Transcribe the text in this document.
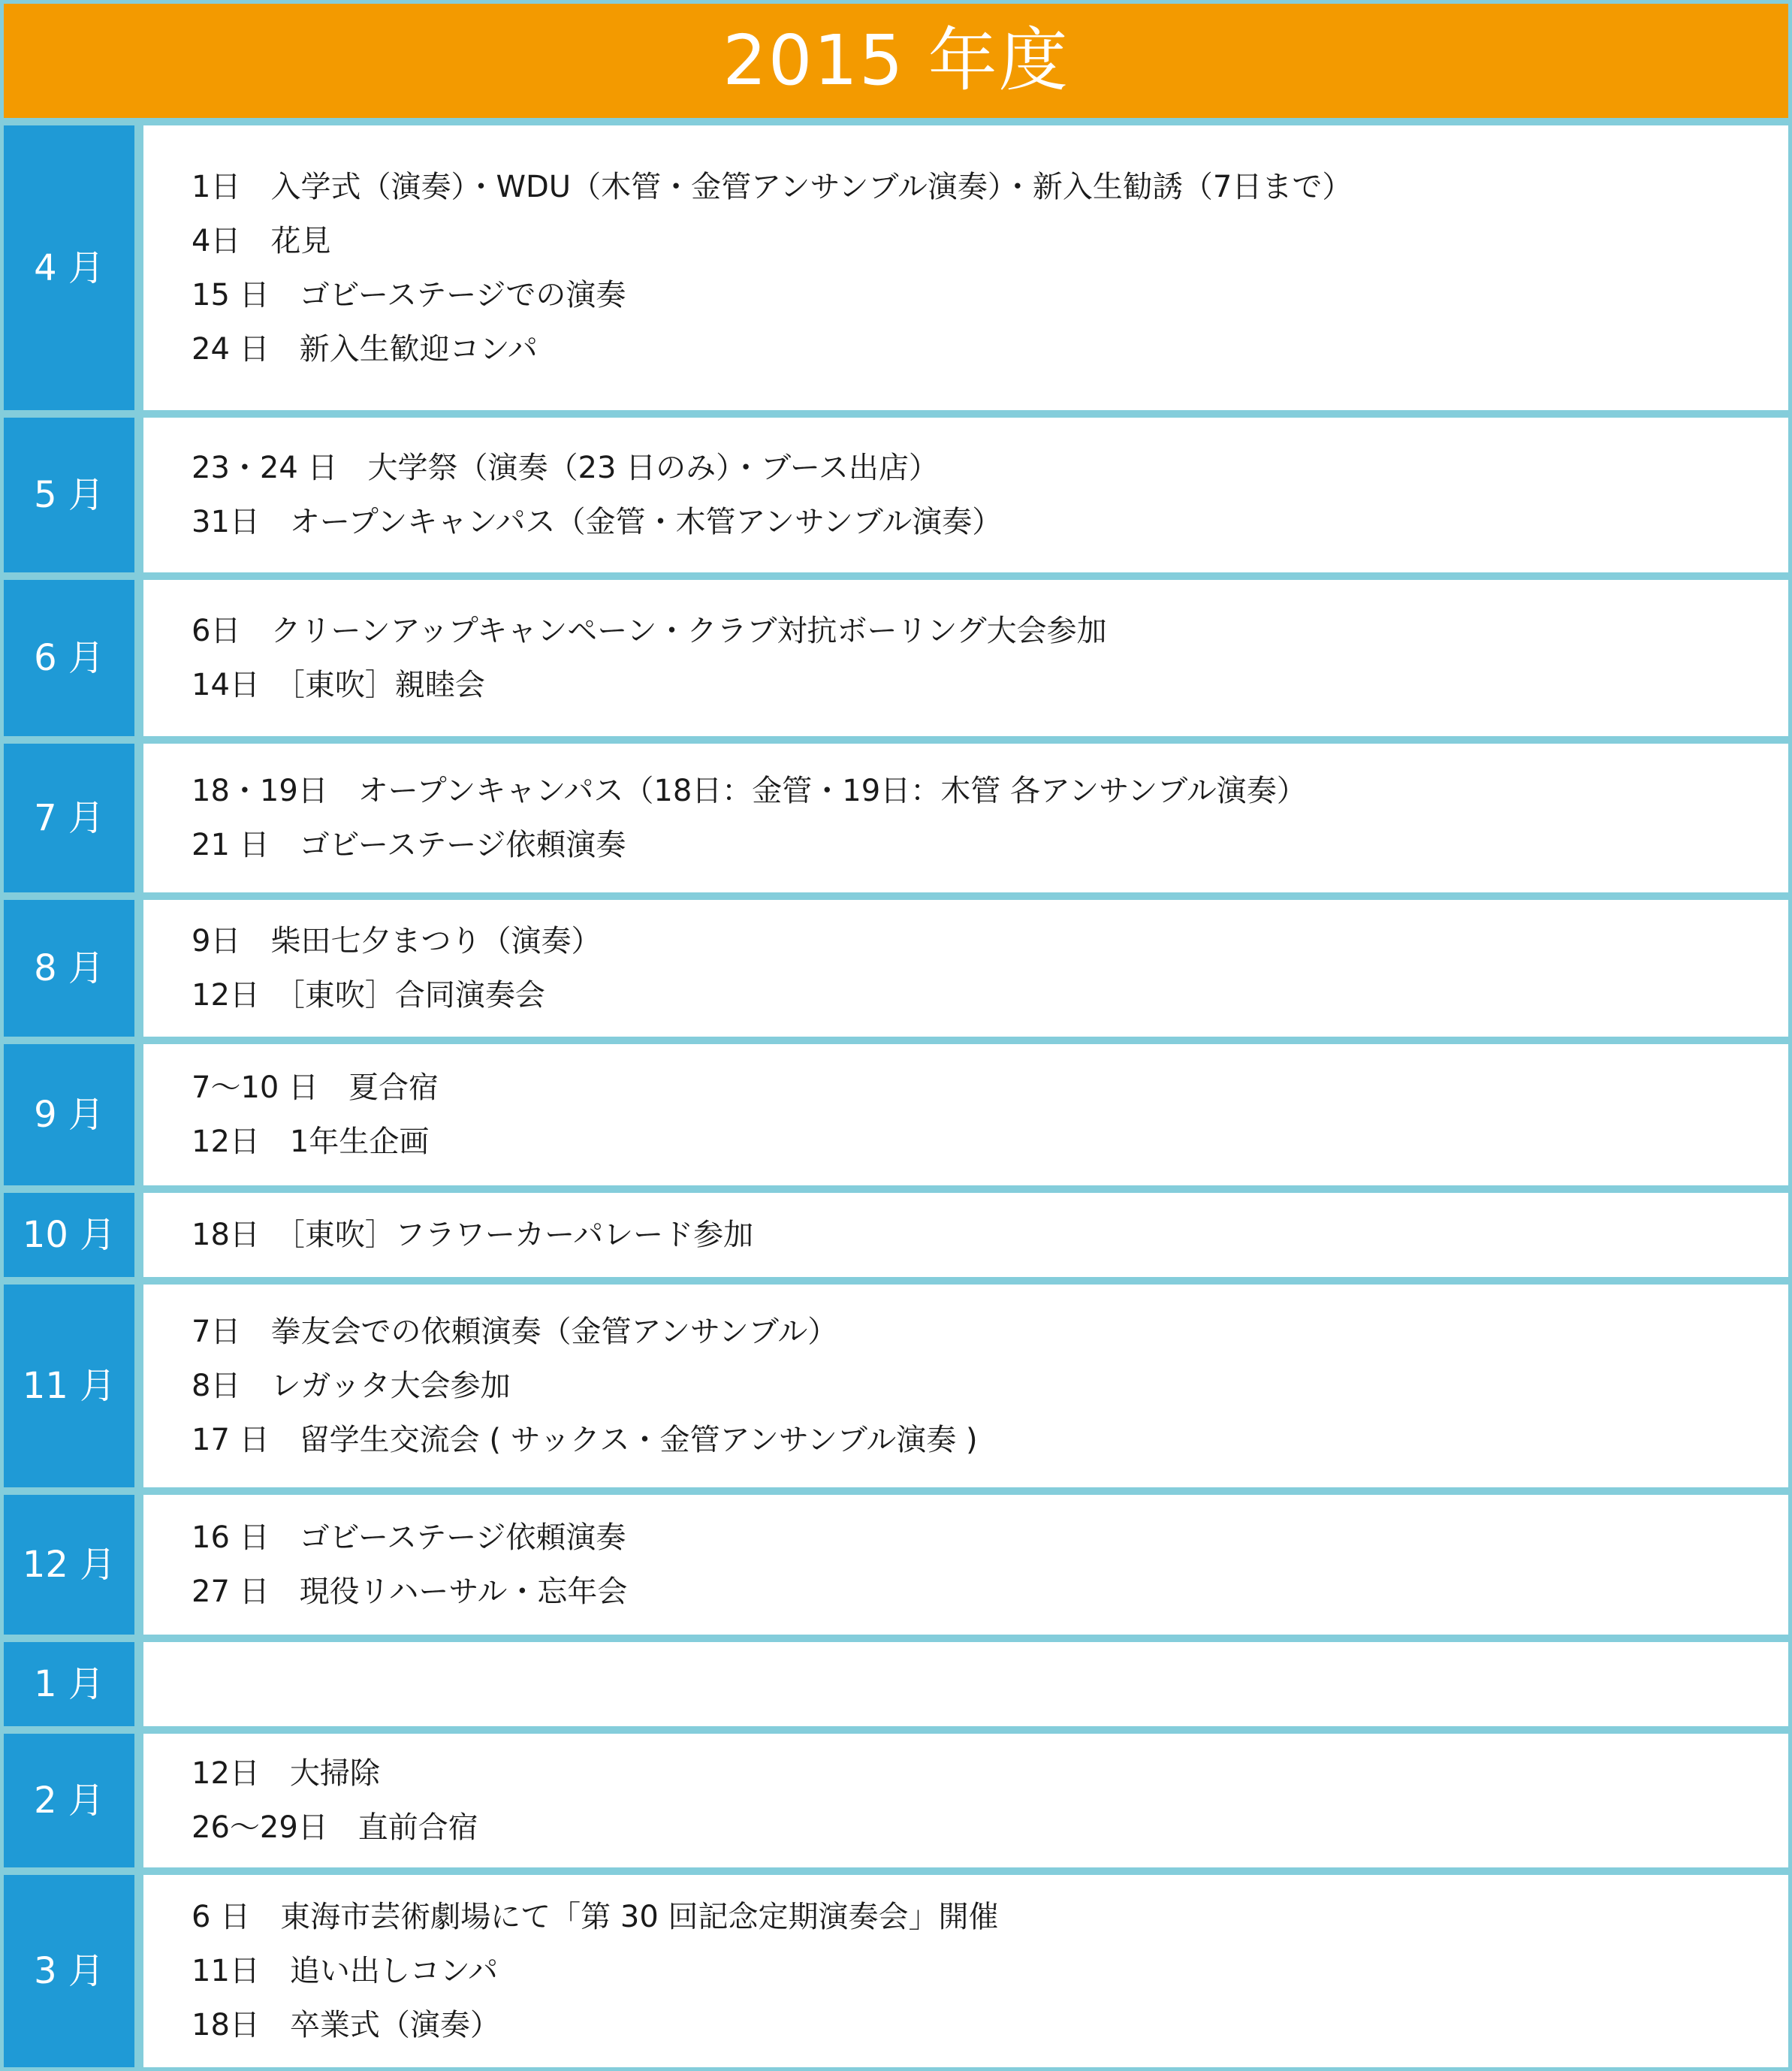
2015 年度
4 月
1日　入学式（演奏）・WDU（木管・金管アンサンブル演奏）・新入生勧誘（7日まで）
4日　花見
15 日　ゴビーステージでの演奏
24 日　新入生歓迎コンパ
5 月
23・24 日　大学祭（演奏（23 日のみ）・ブース出店）
31日　オープンキャンパス（金管・木管アンサンブル演奏）
6 月
6日　クリーンアップキャンペーン・クラブ対抗ボーリング大会参加
14日　［東吹］親睦会
7 月
18・19日　オープンキャンパス（18日：金管・19日：木管 各アンサンブル演奏）
21 日　ゴビーステージ依頼演奏
8 月
9日　柴田七夕まつり（演奏）
12日　［東吹］合同演奏会
9 月
7〜10 日　夏合宿
12日　1年生企画
10 月	18日　［東吹］フラワーカーパレード参加
11 月
7日　拳友会での依頼演奏（金管アンサンブル）
8日　レガッタ大会参加
17 日　留学生交流会 ( サックス・金管アンサンブル演奏 )
12 月
16 日　ゴビーステージ依頼演奏
27 日　現役リハーサル・忘年会
1 月
2 月
12日　大掃除
26〜29日　直前合宿
3 月
6 日　東海市芸術劇場にて「第 30 回記念定期演奏会」開催
11日　追い出しコンパ
18日　卒業式（演奏）
